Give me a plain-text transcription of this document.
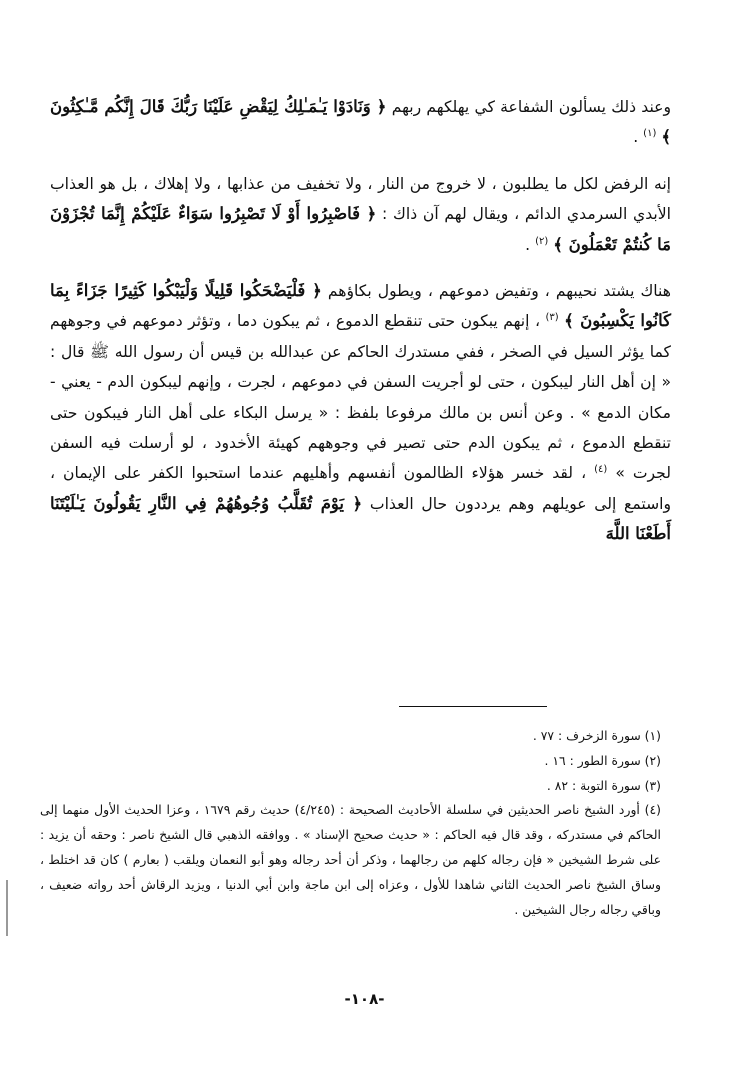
وعند ذلك يسألون الشفاعة كي يهلكهم ربهم ﴿ وَنَادَوْا يَـٰمَـٰلِكُ لِيَقْضِ عَلَيْنَا رَبُّكَ قَالَ إِنَّكُم مَّـٰكِثُونَ ﴾ $^{(١)}$ .

إنه الرفض لكل ما يطلبون ، لا خروج من النار ، ولا تخفيف من عذابها ، ولا إهلاك ، بل هو العذاب الأبدي السرمدي الدائم ، ويقال لهم آن ذاك : ﴿ فَاصْبِرُوا أَوْ لَا تَصْبِرُوا سَوَاءٌ عَلَيْكُمْ إِنَّمَا تُجْزَوْنَ مَا كُنتُمْ تَعْمَلُونَ ﴾ $^{(٢)}$ .

هناك يشتد نحيبهم ، وتفيض دموعهم ، ويطول بكاؤهم ﴿ فَلْيَضْحَكُوا قَلِيلًا وَلْيَبْكُوا كَثِيرًا جَزَاءً بِمَا كَانُوا يَكْسِبُونَ ﴾ $^{(٣)}$ ، إنهم يبكون حتى تنقطع الدموع ، ثم يبكون دما ، وتؤثر دموعهم في وجوههم كما يؤثر السيل في الصخر ، ففي مستدرك الحاكم عن عبدالله بن قيس أن رسول الله ﷺ قال : « إن أهل النار ليبكون ، حتى لو أجريت السفن في دموعهم ، لجرت ، وإنهم ليبكون الدم - يعني - مكان الدمع » . وعن أنس بن مالك مرفوعا بلفظ : « يرسل البكاء على أهل النار فيبكون حتى تنقطع الدموع ، ثم يبكون الدم حتى تصير في وجوههم كهيئة الأخدود ، لو أرسلت فيه السفن لجرت » $^{(٤)}$ ، لقد خسر هؤلاء الظالمون أنفسهم وأهليهم عندما استحبوا الكفر على الإيمان ، واستمع إلى عويلهم وهم يرددون حال العذاب ﴿ يَوْمَ تُقَلَّبُ وُجُوهُهُمْ فِي النَّارِ يَقُولُونَ يَـٰلَيْتَنَا أَطَعْنَا اللَّهَ

(١) سورة الزخرف : ٧٧ .

(٢) سورة الطور : ١٦ .

(٣) سورة التوبة : ٨٢ .

(٤) أورد الشيخ ناصر الحديثين في سلسلة الأحاديث الصحيحة : (٤/٢٤٥) حديث رقم ١٦٧٩ ، وعزا الحديث الأول منهما إلى الحاكم في مستدركه ، وقد قال فيه الحاكم : « حديث صحيح الإسناد » . ووافقه الذهبي قال الشيخ ناصر : وحقه أن يزيد : على شرط الشيخين « فإن رجاله كلهم من رجالهما ، وذكر أن أحد رجاله وهو أبو النعمان ويلقب ( بعارم ) كان قد اختلط ، وساق الشيخ ناصر الحديث الثاني شاهدا للأول ، وعزاه إلى ابن ماجة وابن أبي الدنيا ، ويزيد الرقاش أحد رواته ضعيف ، وباقي رجاله رجال الشيخين .

-١٠٨-
